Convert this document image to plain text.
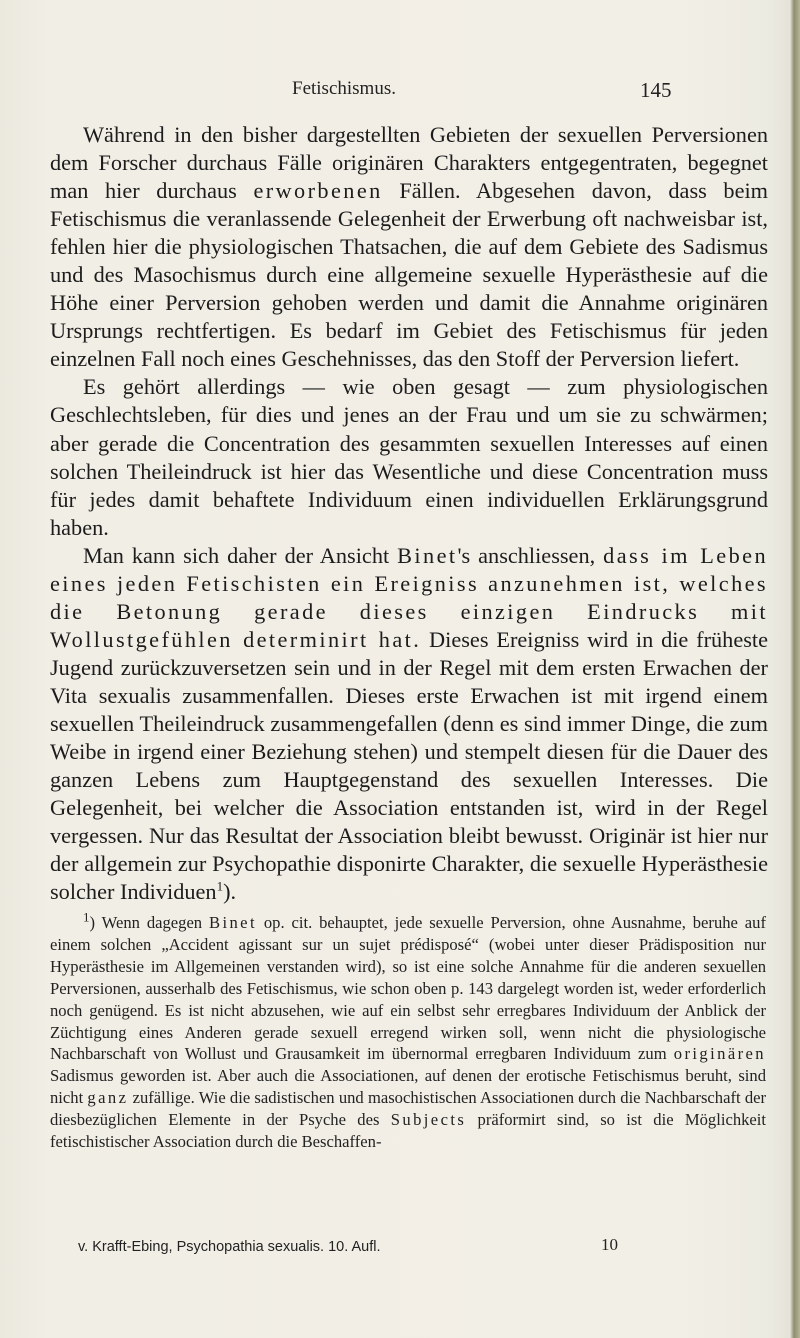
Fetischismus.	145

Während in den bisher dargestellten Gebieten der sexuellen Perversionen dem Forscher durchaus Fälle originären Charakters entgegentraten, begegnet man hier durchaus erworbenen Fällen. Abgesehen davon, dass beim Fetischismus die veranlassende Gelegenheit der Erwerbung oft nachweisbar ist, fehlen hier die physiologischen Thatsachen, die auf dem Gebiete des Sadismus und des Masochismus durch eine allgemeine sexuelle Hyperästhesie auf die Höhe einer Perversion gehoben werden und damit die Annahme originären Ursprungs rechtfertigen. Es bedarf im Gebiet des Fetischismus für jeden einzelnen Fall noch eines Geschehnisses, das den Stoff der Perversion liefert.

Es gehört allerdings — wie oben gesagt — zum physiologischen Geschlechtsleben, für dies und jenes an der Frau und um sie zu schwärmen; aber gerade die Concentration des gesammten sexuellen Interesses auf einen solchen Theileindruck ist hier das Wesentliche und diese Concentration muss für jedes damit behaftete Individuum einen individuellen Erklärungsgrund haben.

Man kann sich daher der Ansicht Binet's anschliessen, dass im Leben eines jeden Fetischisten ein Ereigniss anzunehmen ist, welches die Betonung gerade dieses einzigen Eindrucks mit Wollustgefühlen determinirt hat. Dieses Ereigniss wird in die früheste Jugend zurückzuversetzen sein und in der Regel mit dem ersten Erwachen der Vita sexualis zusammenfallen. Dieses erste Erwachen ist mit irgend einem sexuellen Theileindruck zusammengefallen (denn es sind immer Dinge, die zum Weibe in irgend einer Beziehung stehen) und stempelt diesen für die Dauer des ganzen Lebens zum Hauptgegenstand des sexuellen Interesses. Die Gelegenheit, bei welcher die Association entstanden ist, wird in der Regel vergessen. Nur das Resultat der Association bleibt bewusst. Originär ist hier nur der allgemein zur Psychopathie disponirte Charakter, die sexuelle Hyperästhesie solcher Individuen$^1$).

$^1$) Wenn dagegen Binet op. cit. behauptet, jede sexuelle Perversion, ohne Ausnahme, beruhe auf einem solchen „Accident agissant sur un sujet prédisposé“ (wobei unter dieser Prädisposition nur Hyperästhesie im Allgemeinen verstanden wird), so ist eine solche Annahme für die anderen sexuellen Perversionen, ausserhalb des Fetischismus, wie schon oben p. 143 dargelegt worden ist, weder erforderlich noch genügend. Es ist nicht abzusehen, wie auf ein selbst sehr erregbares Individuum der Anblick der Züchtigung eines Anderen gerade sexuell erregend wirken soll, wenn nicht die physiologische Nachbarschaft von Wollust und Grausamkeit im übernormal erregbaren Individuum zum originären Sadismus geworden ist. Aber auch die Associationen, auf denen der erotische Fetischismus beruht, sind nicht ganz zufällige. Wie die sadistischen und masochistischen Associationen durch die Nachbarschaft der diesbezüglichen Elemente in der Psyche des Subjects präformirt sind, so ist die Möglichkeit fetischistischer Association durch die Beschaffen-
v. Krafft-Ebing, Psychopathia sexualis. 10. Aufl.	10
